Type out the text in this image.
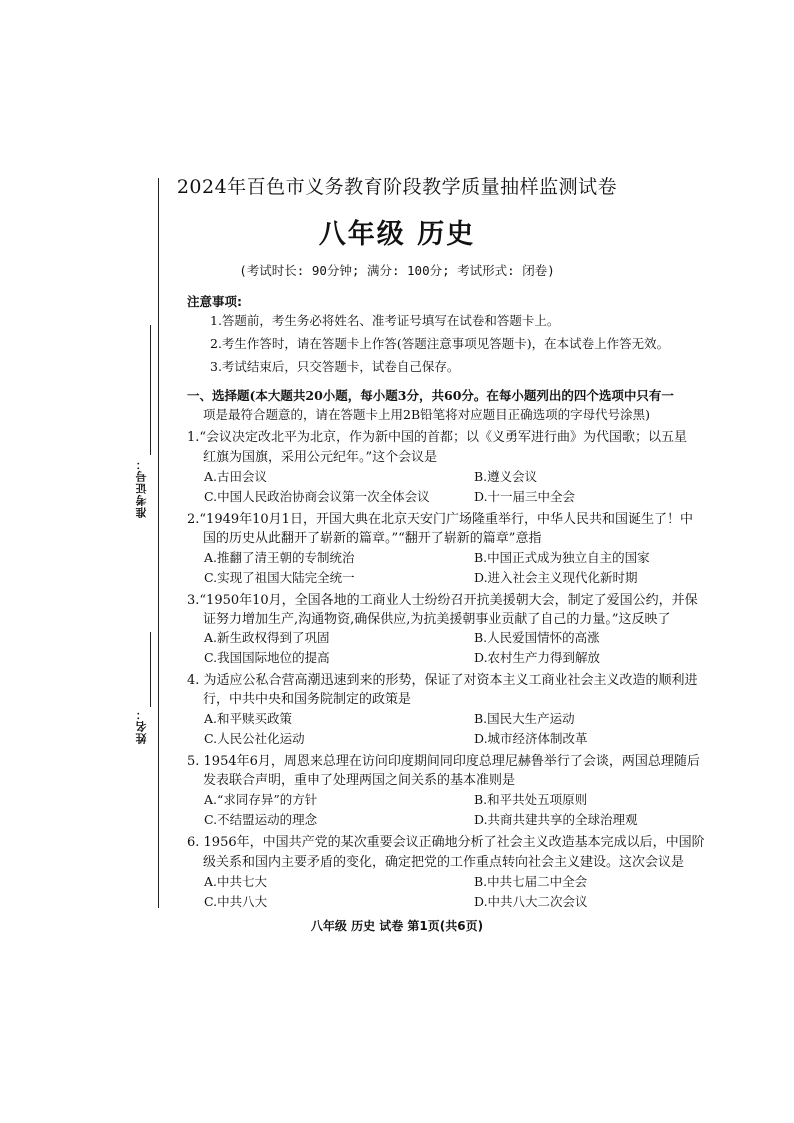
准考证号：
姓名：
2024年百色市义务教育阶段教学质量抽样监测试卷
八年级 历史
(考试时长: 90分钟; 满分: 100分; 考试形式: 闭卷)
注意事项:
1.答题前，考生务必将姓名、准考证号填写在试卷和答题卡上。
2.考生作答时，请在答题卡上作答(答题注意事项见答题卡)，在本试卷上作答无效。
3.考试结束后，只交答题卡，试卷自己保存。
一、选择题(本大题共20小题，每小题3分，共60分。在每小题列出的四个选项中只有一
项是最符合题意的，请在答题卡上用2B铅笔将对应题目正确选项的字母代号涂黑)
1.“会议决定改北平为北京，作为新中国的首都；以《义勇军进行曲》为代国歌；以五星
红旗为国旗，采用公元纪年。”这个会议是
A.古田会议	B.遵义会议
C.中国人民政治协商会议第一次全体会议	D.十一届三中全会
2.“1949年10月1日，开国大典在北京天安门广场隆重举行，中华人民共和国诞生了！中
国的历史从此翻开了崭新的篇章。”“翻开了崭新的篇章”意指
A.推翻了清王朝的专制统治	B.中国正式成为独立自主的国家
C.实现了祖国大陆完全统一	D.进入社会主义现代化新时期
3.“1950年10月，全国各地的工商业人士纷纷召开抗美援朝大会，制定了爱国公约，并保
证努力增加生产,沟通物资,确保供应,为抗美援朝事业贡献了自己的力量。”这反映了
A.新生政权得到了巩固	B.人民爱国情怀的高涨
C.我国国际地位的提高	D.农村生产力得到解放
4. 为适应公私合营高潮迅速到来的形势，保证了对资本主义工商业社会主义改造的顺利进
行，中共中央和国务院制定的政策是
A.和平赎买政策	B.国民大生产运动
C.人民公社化运动	D.城市经济体制改革
5. 1954年6月，周恩来总理在访问印度期间同印度总理尼赫鲁举行了会谈，两国总理随后
发表联合声明，重申了处理两国之间关系的基本准则是
A.“求同存异”的方针	B.和平共处五项原则
C.不结盟运动的理念	D.共商共建共享的全球治理观
6. 1956年，中国共产党的某次重要会议正确地分析了社会主义改造基本完成以后，中国阶
级关系和国内主要矛盾的变化，确定把党的工作重点转向社会主义建设。这次会议是
A.中共七大	B.中共七届二中全会
C.中共八大	D.中共八大二次会议
八年级 历史 试卷 第1页(共6页)
